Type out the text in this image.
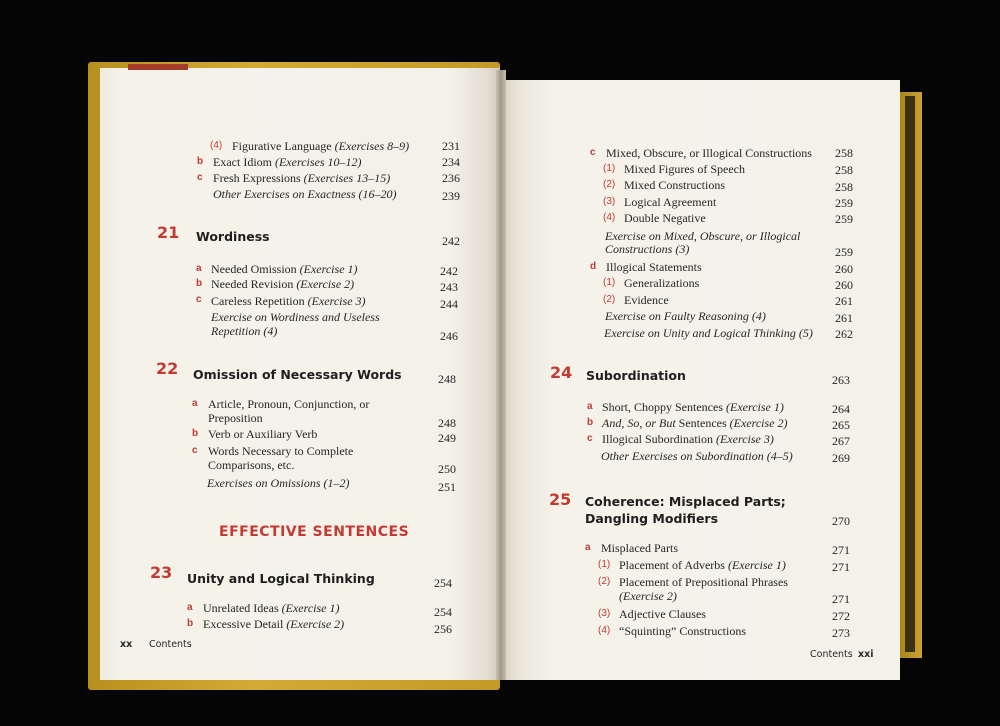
(4) Figurative Language (Exercises 8–9)	231
b Exact Idiom (Exercises 10–12)	234
c Fresh Expressions (Exercises 13–15)	236
Other Exercises on Exactness (16–20)	239
21 Wordiness	242
a Needed Omission (Exercise 1)	242
b Needed Revision (Exercise 2)	243
c Careless Repetition (Exercise 3)	244
Exercise on Wordiness and Useless
Repetition (4)	246
22 Omission of Necessary Words	248
a Article, Pronoun, Conjunction, or
Preposition	248
b Verb or Auxiliary Verb	249
c Words Necessary to Complete
Comparisons, etc.	250
Exercises on Omissions (1–2)	251
EFFECTIVE SENTENCES
23 Unity and Logical Thinking	254
a Unrelated Ideas (Exercise 1)	254
b Excessive Detail (Exercise 2)	256
xx Contents
c Mixed, Obscure, or Illogical Constructions	258
(1) Mixed Figures of Speech	258
(2) Mixed Constructions	258
(3) Logical Agreement	259
(4) Double Negative	259
Exercise on Mixed, Obscure, or Illogical
Constructions (3)	259
d Illogical Statements	260
(1) Generalizations	260
(2) Evidence	261
Exercise on Faulty Reasoning (4)	261
Exercise on Unity and Logical Thinking (5)	262
24 Subordination	263
a Short, Choppy Sentences (Exercise 1)	264
b And, So, or But Sentences (Exercise 2)	265
c Illogical Subordination (Exercise 3)	267
Other Exercises on Subordination (4–5)	269
25 Coherence: Misplaced Parts;
Dangling Modifiers	270
a Misplaced Parts	271
(1) Placement of Adverbs (Exercise 1)	271
(2) Placement of Prepositional Phrases
(Exercise 2)	271
(3) Adjective Clauses	272
(4) “Squinting” Constructions	273
Contents xxi
